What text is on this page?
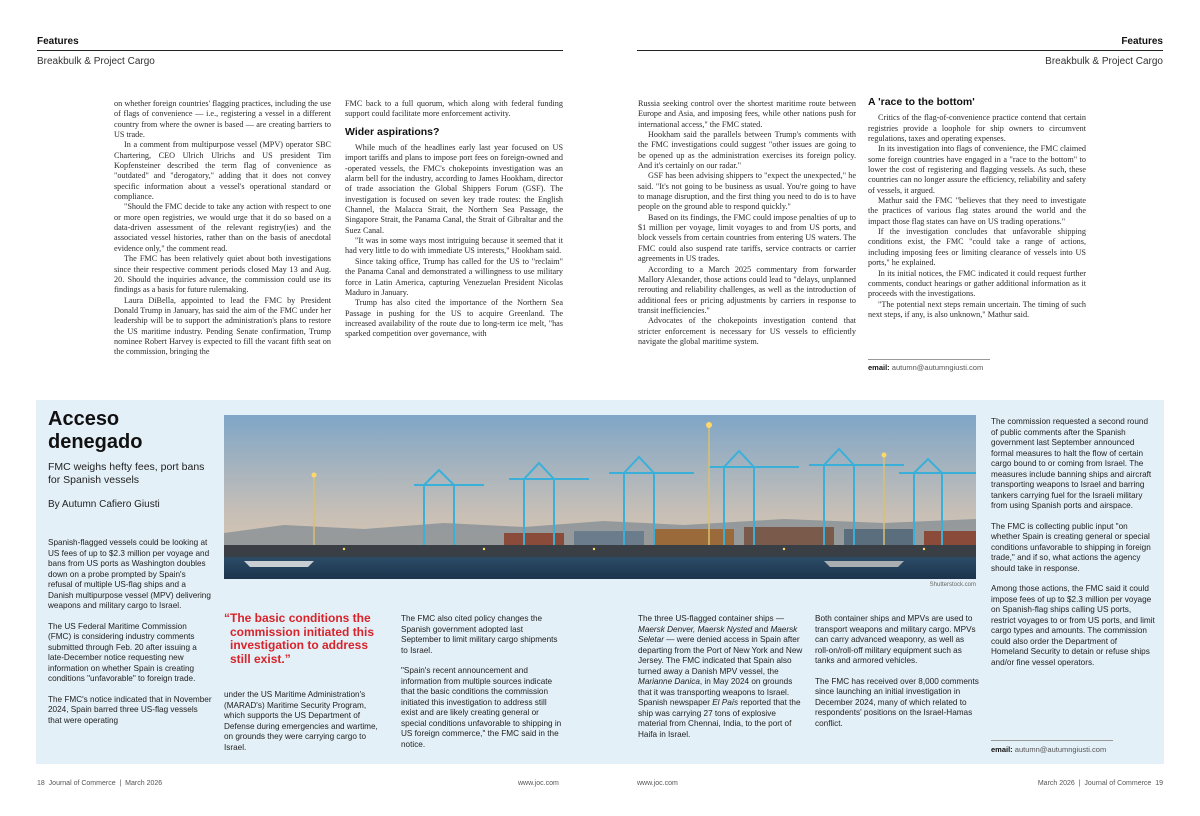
Features
Breakbulk & Project Cargo
Features
Breakbulk & Project Cargo

on whether foreign countries' flagging practices, including the use of flags of convenience — i.e., registering a vessel in a different country from where the owner is based — are creating barriers to US trade.

In a comment from multipurpose vessel (MPV) operator SBC Chartering, CEO Ulrich Ulrichs and US president Tim Kopfensteiner described the term flag of convenience as "outdated" and "derogatory," adding that it does not convey specific information about a vessel's operational standard or compliance.

"Should the FMC decide to take any action with respect to one or more open registries, we would urge that it do so based on a data-driven assessment of the relevant registry(ies) and the associated vessel histories, rather than on the basis of anecdotal evidence only," the comment read.

The FMC has been relatively quiet about both investigations since their respective comment periods closed May 13 and Aug. 20. Should the inquiries advance, the commission could use its findings as a basis for future rulemaking.

Laura DiBella, appointed to lead the FMC by President Donald Trump in January, has said the aim of the FMC under her leadership will be to support the administration's plans to restore the US maritime industry. Pending Senate confirmation, Trump nominee Robert Harvey is expected to fill the vacant fifth seat on the commission, bringing the

FMC back to a full quorum, which along with federal funding support could facilitate more enforcement activity.

Wider aspirations?

While much of the headlines early last year focused on US import tariffs and plans to impose port fees on foreign-owned and -operated vessels, the FMC's chokepoints investigation was an alarm bell for the industry, according to James Hookham, director of trade association the Global Shippers Forum (GSF). The investigation is focused on seven key trade routes: the English Channel, the Malacca Strait, the Northern Sea Passage, the Singapore Strait, the Panama Canal, the Strait of Gibraltar and the Suez Canal.

"It was in some ways most intriguing because it seemed that it had very little to do with immediate US interests," Hookham said.

Since taking office, Trump has called for the US to "reclaim" the Panama Canal and demonstrated a willingness to use military force in Latin America, capturing Venezuelan President Nicolas Maduro in January.

Trump has also cited the importance of the Northern Sea Passage in pushing for the US to acquire Greenland. The increased availability of the route due to long-term ice melt, "has sparked competition over governance, with

Russia seeking control over the shortest maritime route between Europe and Asia, and imposing fees, while other nations push for international access," the FMC stated.

Hookham said the parallels between Trump's comments with the FMC investigations could suggest "other issues are going to be opened up as the administration exercises its foreign policy. And it's certainly on our radar."

GSF has been advising shippers to "expect the unexpected," he said. "It's not going to be business as usual. You're going to have to manage disruption, and the first thing you need to do is to have people on the ground able to respond quickly."

Based on its findings, the FMC could impose penalties of up to $1 million per voyage, limit voyages to and from US ports, and block vessels from certain countries from entering US waters. The FMC could also suspend rate tariffs, service contracts or carrier agreements in US trades.

According to a March 2025 commentary from forwarder Mallory Alexander, those actions could lead to "delays, unplanned rerouting and reliability challenges, as well as the introduction of additional fees or pricing adjustments by carriers in response to transit inefficiencies."

Advocates of the chokepoints investigation contend that stricter enforcement is necessary for US vessels to efficiently navigate the global maritime system.

A 'race to the bottom'

Critics of the flag-of-convenience practice contend that certain registries provide a loophole for ship owners to circumvent regulations, taxes and operating expenses.

In its investigation into flags of convenience, the FMC claimed some foreign countries have engaged in a "race to the bottom" to lower the cost of registering and flagging vessels. As such, these countries can no longer assure the efficiency, reliability and safety of vessels, it argued.

Mathur said the FMC "believes that they need to investigate the practices of various flag states around the world and the impact those flag states can have on US trading operations."

If the investigation concludes that unfavorable shipping conditions exist, the FMC "could take a range of actions, including imposing fees or limiting clearance of vessels into US ports," he explained.

In its initial notices, the FMC indicated it could request further comments, conduct hearings or gather additional information as it proceeds with the investigations.

"The potential next steps remain uncertain. The timing of such next steps, if any, is also unknown," Mathur said.

email: autumn@autumngiusti.com
Acceso denegado
FMC weighs hefty fees, port bans for Spanish vessels
By Autumn Cafiero Giusti

Spanish-flagged vessels could be looking at US fees of up to $2.3 million per voyage and bans from US ports as Washington doubles down on a probe prompted by Spain's refusal of multiple US-flag ships and a Danish multipurpose vessel (MPV) delivering weapons and military cargo to Israel.

The US Federal Maritime Commission (FMC) is considering industry comments submitted through Feb. 20 after issuing a late-December notice requesting new information on whether Spain is creating conditions "unfavorable" to foreign trade.

The FMC's notice indicated that in November 2024, Spain barred three US-flag vessels that were operating

Shutterstock.com
“The basic conditions the commission initiated this investigation to address still exist.”

under the US Maritime Administration's (MARAD's) Maritime Security Program, which supports the US Department of Defense during emergencies and wartime, on grounds they were carrying cargo to Israel.

The FMC also cited policy changes the Spanish government adopted last September to limit military cargo shipments to Israel.

"Spain's recent announcement and information from multiple sources indicate that the basic conditions the commission initiated this investigation to address still exist and are likely creating general or special conditions unfavorable to shipping in US foreign commerce," the FMC said in the notice.

The three US-flagged container ships — Maersk Denver, Maersk Nysted and Maersk Seletar — were denied access in Spain after departing from the Port of New York and New Jersey. The FMC indicated that Spain also turned away a Danish MPV vessel, the Marianne Danica, in May 2024 on grounds that it was transporting weapons to Israel. Spanish newspaper El País reported that the ship was carrying 27 tons of explosive material from Chennai, India, to the port of Haifa in Israel.

Both container ships and MPVs are used to transport weapons and military cargo. MPVs can carry advanced weaponry, as well as roll-on/roll-off military equipment such as tanks and armored vehicles.

The FMC has received over 8,000 comments since launching an initial investigation in December 2024, many of which related to respondents' positions on the Israel-Hamas conflict.

The commission requested a second round of public comments after the Spanish government last September announced formal measures to halt the flow of certain cargo bound to or coming from Israel. The measures include banning ships and aircraft transporting weapons to Israel and barring tankers carrying fuel for the Israeli military from using Spanish ports and airspace.

The FMC is collecting public input "on whether Spain is creating general or special conditions unfavorable to shipping in foreign trade," and if so, what actions the agency should take in response.

Among those actions, the FMC said it could impose fees of up to $2.3 million per voyage on Spanish-flag ships calling US ports, restrict voyages to or from US ports, and limit cargo types and amounts. The commission could also order the Department of Homeland Security to detain or refuse ships and/or fine vessel operators.

email: autumn@autumngiusti.com
18  Journal of Commerce  |  March 2026	www.joc.com	www.joc.com	March 2026  |  Journal of Commerce  19
